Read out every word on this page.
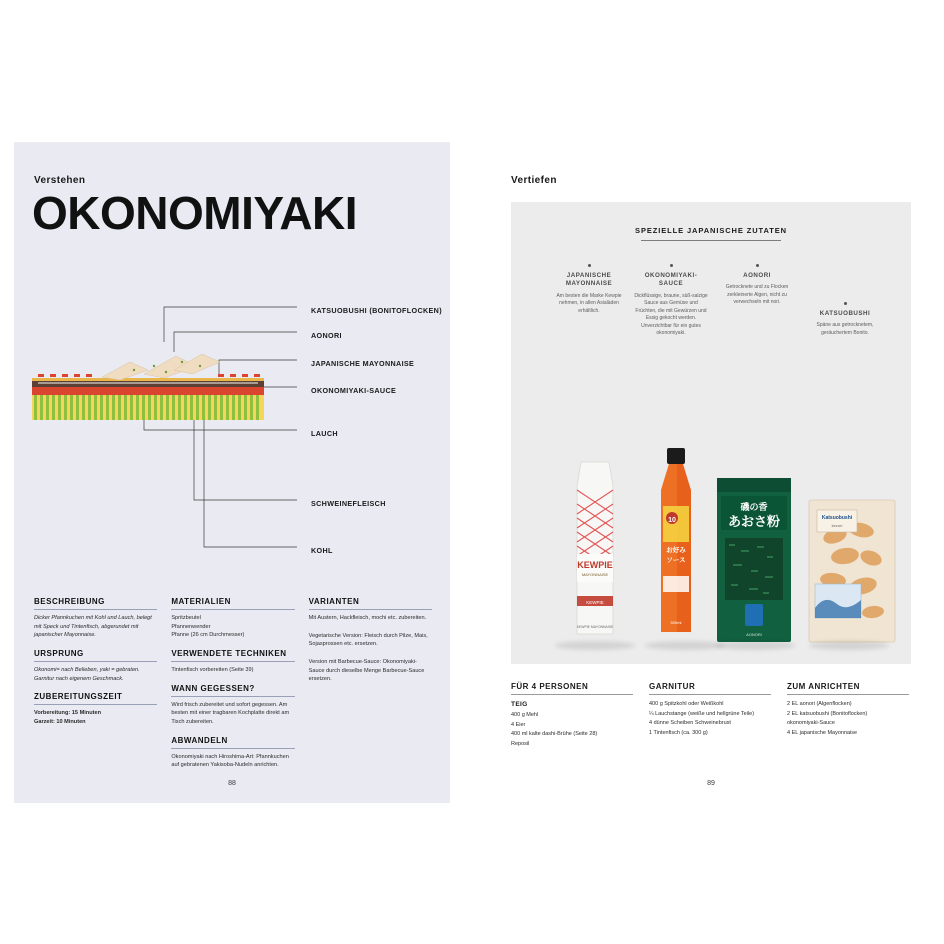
Verstehen
OKONOMIYAKI
KATSUOBUSHI (BONITOFLOCKEN)
AONORI
JAPANISCHE MAYONNAISE
OKONOMIYAKI-SAUCE
LAUCH
SCHWEINEFLEISCH
KOHL
BESCHREIBUNG

Dicker Pfannkuchen mit Kohl und Lauch, belegt mit Speck und Tintenfisch, abgerundet mit japanischer Mayonnaise.

URSPRUNG

Okonomi= nach Belieben, yaki = gebraten. Garnitur nach eigenem Geschmack.

ZUBEREITUNGSZEIT

Vorbereitung: 15 Minuten

Garzeit: 10 Minuten

MATERIALIEN

Spritzbeutel

Pfannenwender

Pfanne (26 cm Durchmesser)

VERWENDETE TECHNIKEN

Tintenfisch vorbereiten (Seite 39)

WANN GEGESSEN?

Wird frisch zubereitet und sofort gegessen. Am besten mit einer tragbaren Kochplatte direkt am Tisch zubereiten.

ABWANDELN

Okonomiyaki nach Hiroshima-Art: Pfannkuchen auf gebratenen Yakisoba-Nudeln anrichten.

VARIANTEN

Mit Austern, Hackfleisch, mochi etc. zubereiten.

Vegetarische Version: Fleisch durch Pilze, Mais, Sojasprossen etc. ersetzen.

Version mit Barbecue-Sauce: Okonomiyaki-Sauce durch dieselbe Menge Barbecue-Sauce ersetzen.

88
Vertiefen
SPEZIELLE JAPANISCHE ZUTATEN
JAPANISCHE MAYONNAISE
Am besten die Marke Kewpie nehmen, in allen Asialäden erhältlich.
OKONOMIYAKI-SAUCE
Dickflüssige, braune, süß-salzige Sauce aus Gemüse und Früchten, die mit Gewürzen und Essig gekocht werden. Unverzichtbar für ein gutes okonomiyaki.
AONORI
Getrocknete und zu Flocken zerkleinerte Algen, nicht zu verwechseln mit nori.
KATSUOBUSHI
Späne aus getrocknetem, geräuchertem Bonito.
KEWPIE
MAYONNAISE
KEWPIE
KEWPIE MAYONNAISE
10
お好み
ソース
500ml
磯の香
あおさ粉
AONORI
Katsuobushi
kezuri
FÜR 4 PERSONEN
TEIG
400 g Mehl
4 Eier
400 ml kalte dashi-Brühe (Seite 28)
Reposil
GARNITUR
400 g Spitzkohl oder Weißkohl
¼ Lauchstange (weiße und hellgrüne Teile)
4 dünne Scheiben Schweinebrust
1 Tintenfisch (ca. 300 g)
ZUM ANRICHTEN
2 EL aonori (Algenflocken)
2 EL katsuobushi (Bonitoflocken)
okonomiyaki-Sauce
4 EL japanische Mayonnaise
89
